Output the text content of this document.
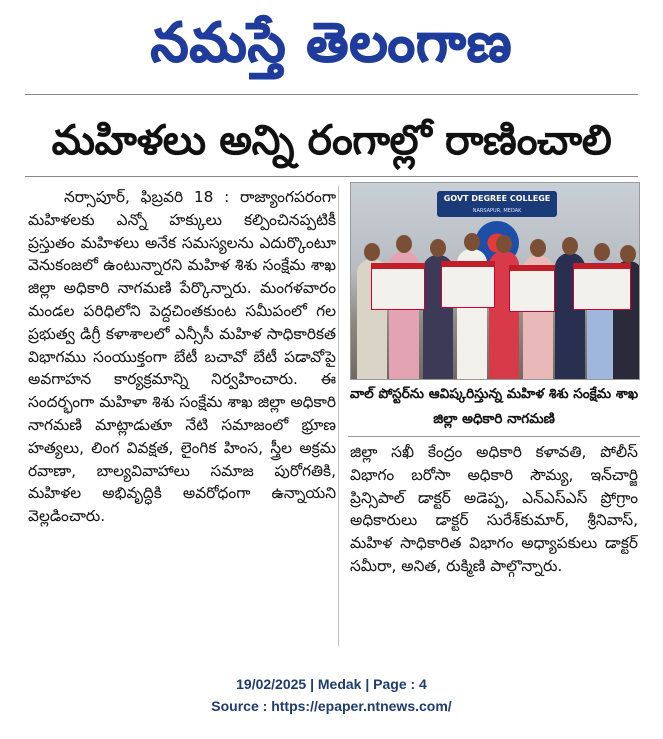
నమస్తే తెలంగాణ
మహిళలు అన్ని రంగాల్లో రాణించాలి

నర్సాపూర్, ఫిబ్రవరి 18 : రాజ్యాంగపరంగా మహిళలకు ఎన్నో హక్కులు కల్పించినప్పటికీ ప్రస్తుతం మహిళలు అనేక సమస్యలను ఎదుర్కొంటూ వెనుకంజలో ఉంటున్నారని మహిళ శిశు సంక్షేమ శాఖ జిల్లా అధికారి నాగమణి పేర్కొన్నారు. మంగళవారం మండల పరిధిలోని పెద్దచింతకుంట సమీపంలో గల ప్రభుత్వ డిగ్రీ కళాశాలలో ఎన్సీసీ మహిళ సాధికారికత విభాగము సంయుక్తంగా బేటీ బచావో బేటీ పడావోపై అవగాహన కార్యక్రమాన్ని నిర్వహించారు. ఈ సందర్భంగా మహిళా శిశు సంక్షేమ శాఖ జిల్లా అధికారి నాగమణి మాట్లాడుతూ నేటి సమాజంలో భ్రూణ హత్యలు, లింగ వివక్షత, లైంగిక హింస, స్త్రీల అక్రమ రవాణా, బాల్యవివాహాలు సమాజ పురోగతికి, మహిళల అభివృద్ధికి అవరోధంగా ఉన్నాయని వెల్లడించారు.

GOVT DEGREE COLLEGE
NARSAPUR, MEDAK
వాల్ పోస్టర్‌ను ఆవిష్కరిస్తున్న మహిళ శిశు సంక్షేమ శాఖ జిల్లా అధికారి నాగమణి

జిల్లా సఖీ కేంద్రం అధికారి కళావతి, పోలీస్ విభాగం బరోసా అధికారి సౌమ్య, ఇన్‌చార్జి ప్రిన్సిపాల్ డాక్టర్ అడెప్ప, ఎన్ఎస్ఎస్ ప్రోగ్రాం అధికారులు డాక్టర్ సురేశ్‌కుమార్, శ్రీనివాస్, మహిళ సాధికారిత విభాగం అధ్యాపకులు డాక్టర్ సమీరా, అనిత, రుక్మిణి పాల్గొన్నారు.

19/02/2025 | Medak | Page : 4
Source : https://epaper.ntnews.com/
